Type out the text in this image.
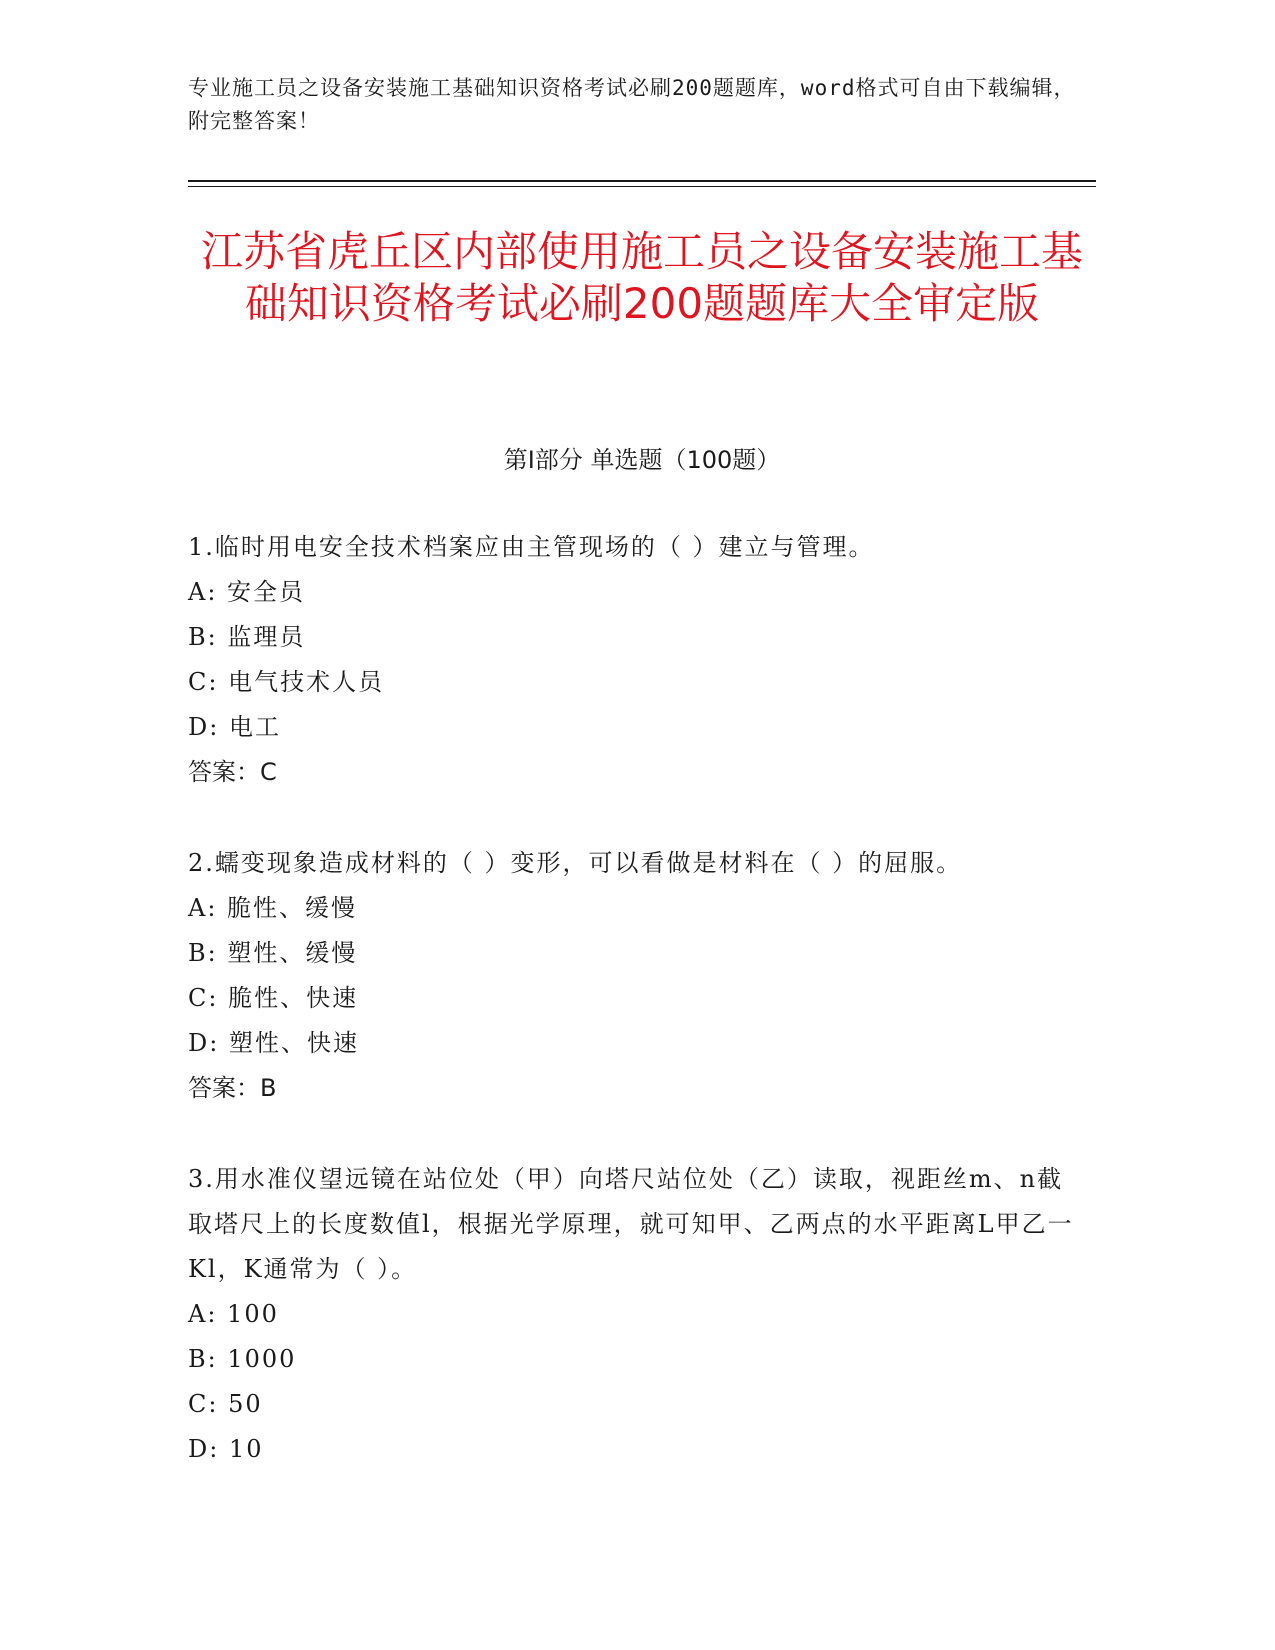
专业施工员之设备安装施工基础知识资格考试必刷200题题库，word格式可自由下载编辑，附完整答案！
江苏省虎丘区内部使用施工员之设备安装施工基础知识资格考试必刷200题题库大全审定版
第Ⅰ部分 单选题（100题）
1.临时用电安全技术档案应由主管现场的（ ）建立与管理。
A: 安全员
B: 监理员
C: 电气技术人员
D: 电工
答案：C
2.蠕变现象造成材料的（ ）变形，可以看做是材料在（ ）的屈服。
A: 脆性、缓慢
B: 塑性、缓慢
C: 脆性、快速
D: 塑性、快速
答案：B
3.用水准仪望远镜在站位处（甲）向塔尺站位处（乙）读取，视距丝m、n截取塔尺上的长度数值l，根据光学原理，就可知甲、乙两点的水平距离L甲乙一Kl，K通常为（ ）。
A: 100
B: 1000
C: 50
D: 10
